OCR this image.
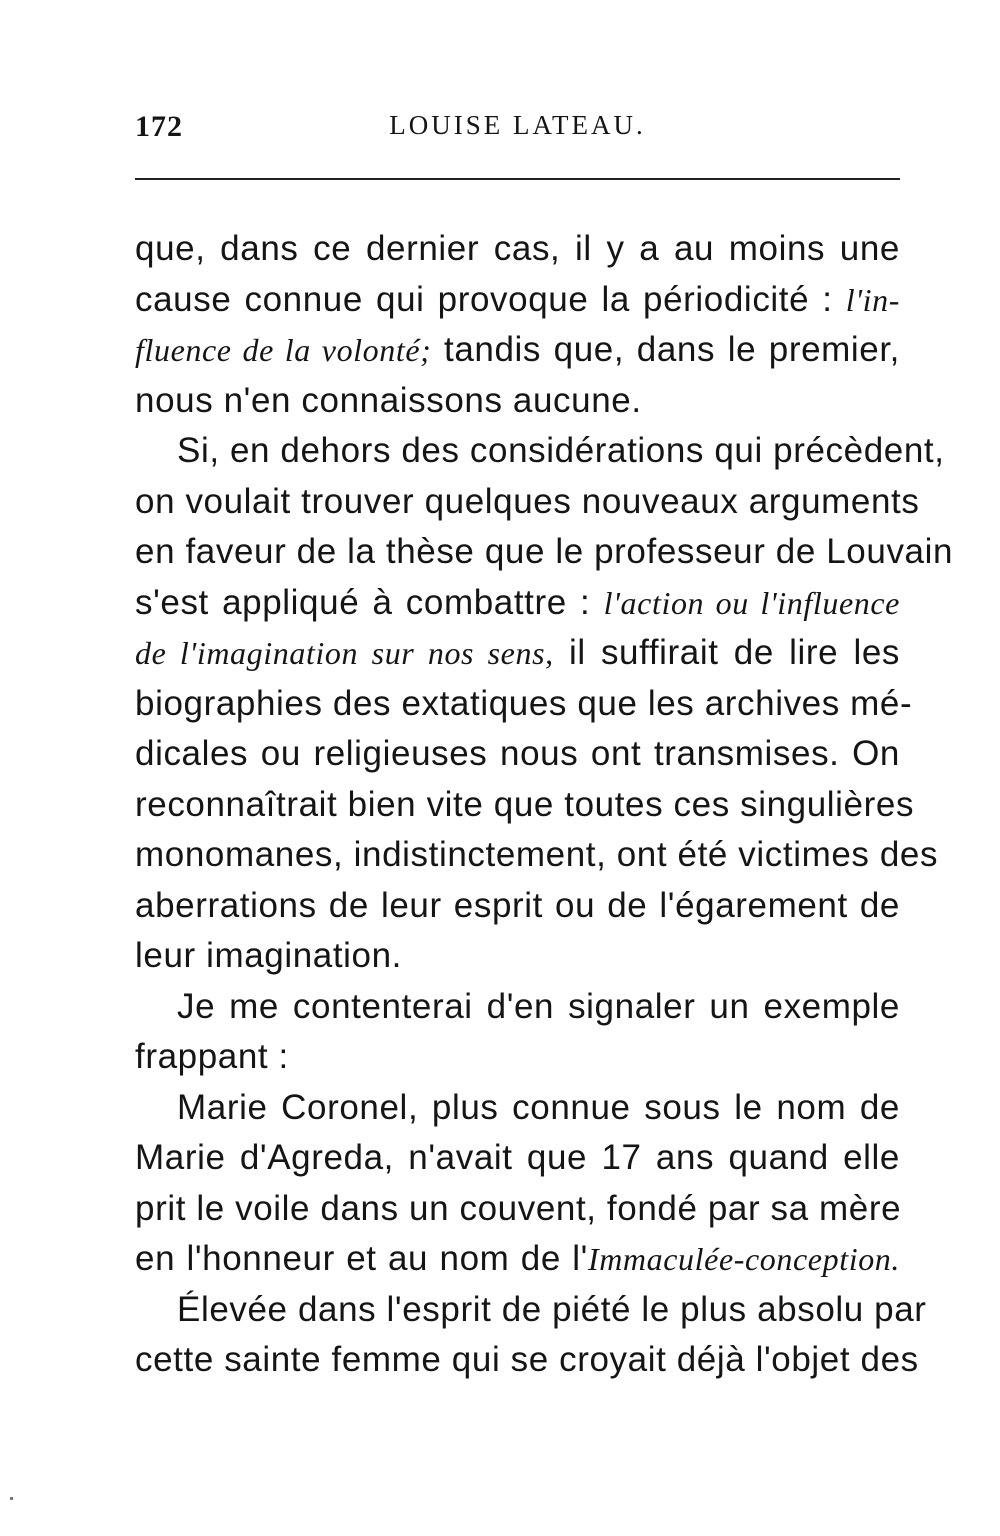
172	LOUISE LATEAU.
que, dans ce dernier cas, il y a au moins une
cause connue qui provoque la périodicité : l'in-
fluence de la volonté; tandis que, dans le premier,
nous n'en connaissons aucune.
Si, en dehors des considérations qui précèdent,
on voulait trouver quelques nouveaux arguments
en faveur de la thèse que le professeur de Louvain
s'est appliqué à combattre : l'action ou l'influence
de l'imagination sur nos sens, il suffirait de lire les
biographies des extatiques que les archives mé-
dicales ou religieuses nous ont transmises. On
reconnaîtrait bien vite que toutes ces singulières
monomanes, indistinctement, ont été victimes des
aberrations de leur esprit ou de l'égarement de
leur imagination.
Je me contenterai d'en signaler un exemple
frappant :
Marie Coronel, plus connue sous le nom de
Marie d'Agreda, n'avait que 17 ans quand elle
prit le voile dans un couvent, fondé par sa mère
en l'honneur et au nom de l'Immaculée-conception.
Élevée dans l'esprit de piété le plus absolu par
cette sainte femme qui se croyait déjà l'objet des
